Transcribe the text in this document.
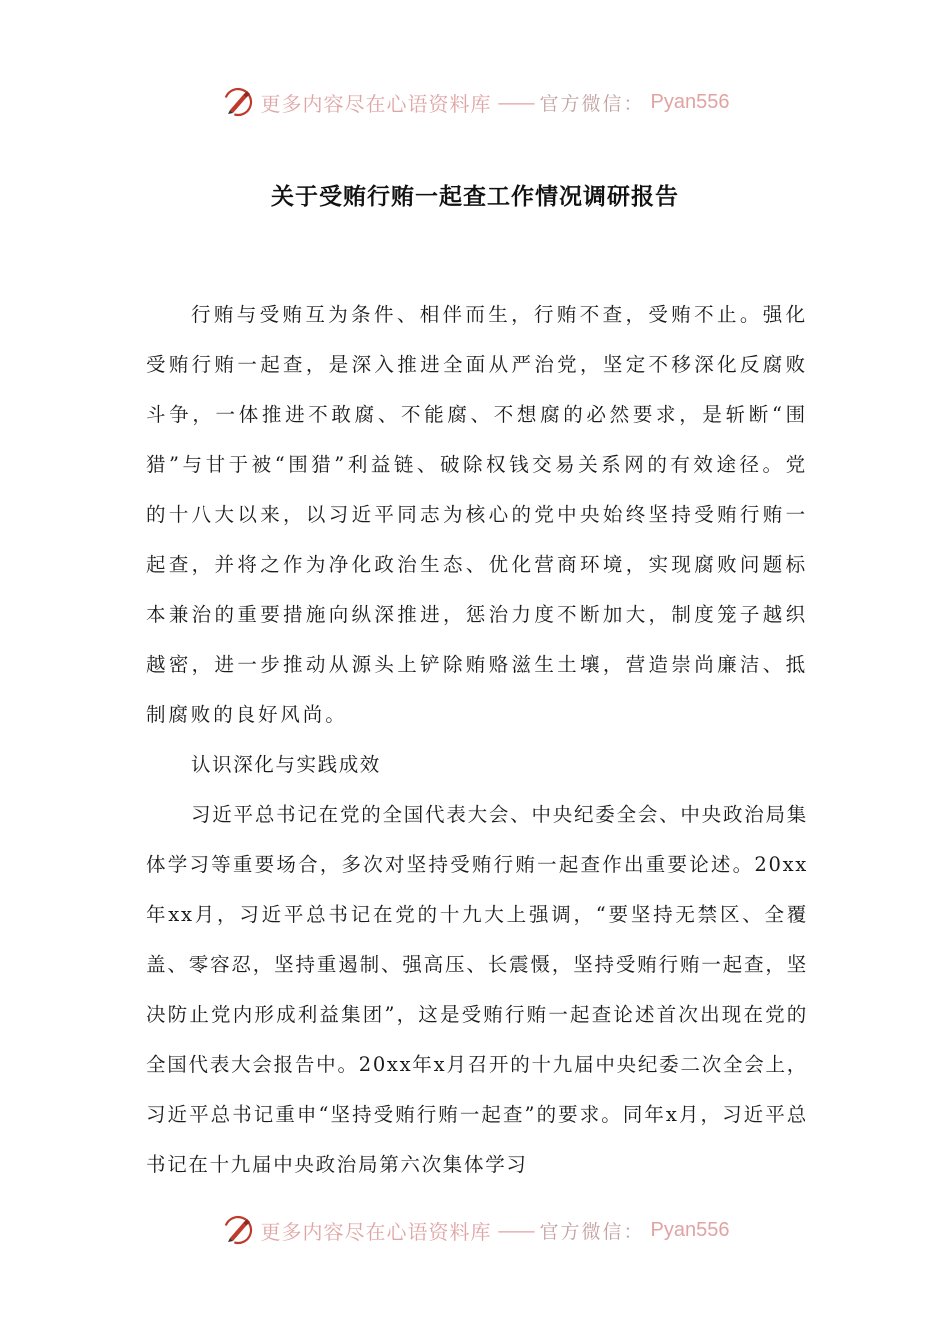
更多内容尽在心语资料库 —— 官方微信： Pyan556
关于受贿行贿一起查工作情况调研报告

行贿与受贿互为条件、相伴而生，行贿不查，受贿不止。强化受贿行贿一起查，是深入推进全面从严治党，坚定不移深化反腐败斗争，一体推进不敢腐、不能腐、不想腐的必然要求，是斩断“围猎”与甘于被“围猎”利益链、破除权钱交易关系网的有效途径。党的十八大以来，以习近平同志为核心的党中央始终坚持受贿行贿一起查，并将之作为净化政治生态、优化营商环境，实现腐败问题标本兼治的重要措施向纵深推进，惩治力度不断加大，制度笼子越织越密，进一步推动从源头上铲除贿赂滋生土壤，营造崇尚廉洁、抵制腐败的良好风尚。

认识深化与实践成效

习近平总书记在党的全国代表大会、中央纪委全会、中央政治局集体学习等重要场合，多次对坚持受贿行贿一起查作出重要论述。20xx年xx月，习近平总书记在党的十九大上强调，“要坚持无禁区、全覆盖、零容忍，坚持重遏制、强高压、长震慑，坚持受贿行贿一起查，坚决防止党内形成利益集团”，这是受贿行贿一起查论述首次出现在党的全国代表大会报告中。20xx年x月召开的十九届中央纪委二次全会上，习近平总书记重申“坚持受贿行贿一起查”的要求。同年x月，习近平总书记在十九届中央政治局第六次集体学习

更多内容尽在心语资料库 —— 官方微信： Pyan556
